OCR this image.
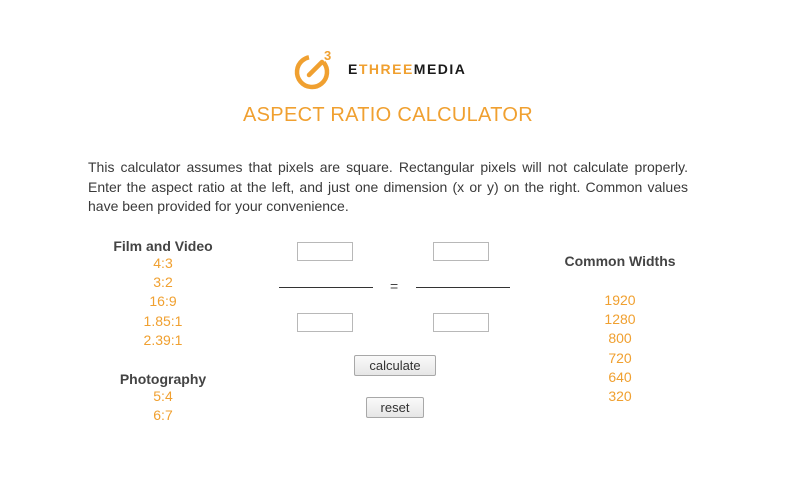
3
ETHREEMEDIA
ASPECT RATIO CALCULATOR
This calculator assumes that pixels are square. Rectangular pixels will not calculate properly. Enter the aspect ratio at the left, and just one dimension (x or y) on the right. Common values have been provided for your convenience.
Film and Video
4:3
3:2
16:9
1.85:1
2.39:1
Photography
5:4
6:7
=
calculate
reset
Common Widths
1920
1280
800
720
640
320
